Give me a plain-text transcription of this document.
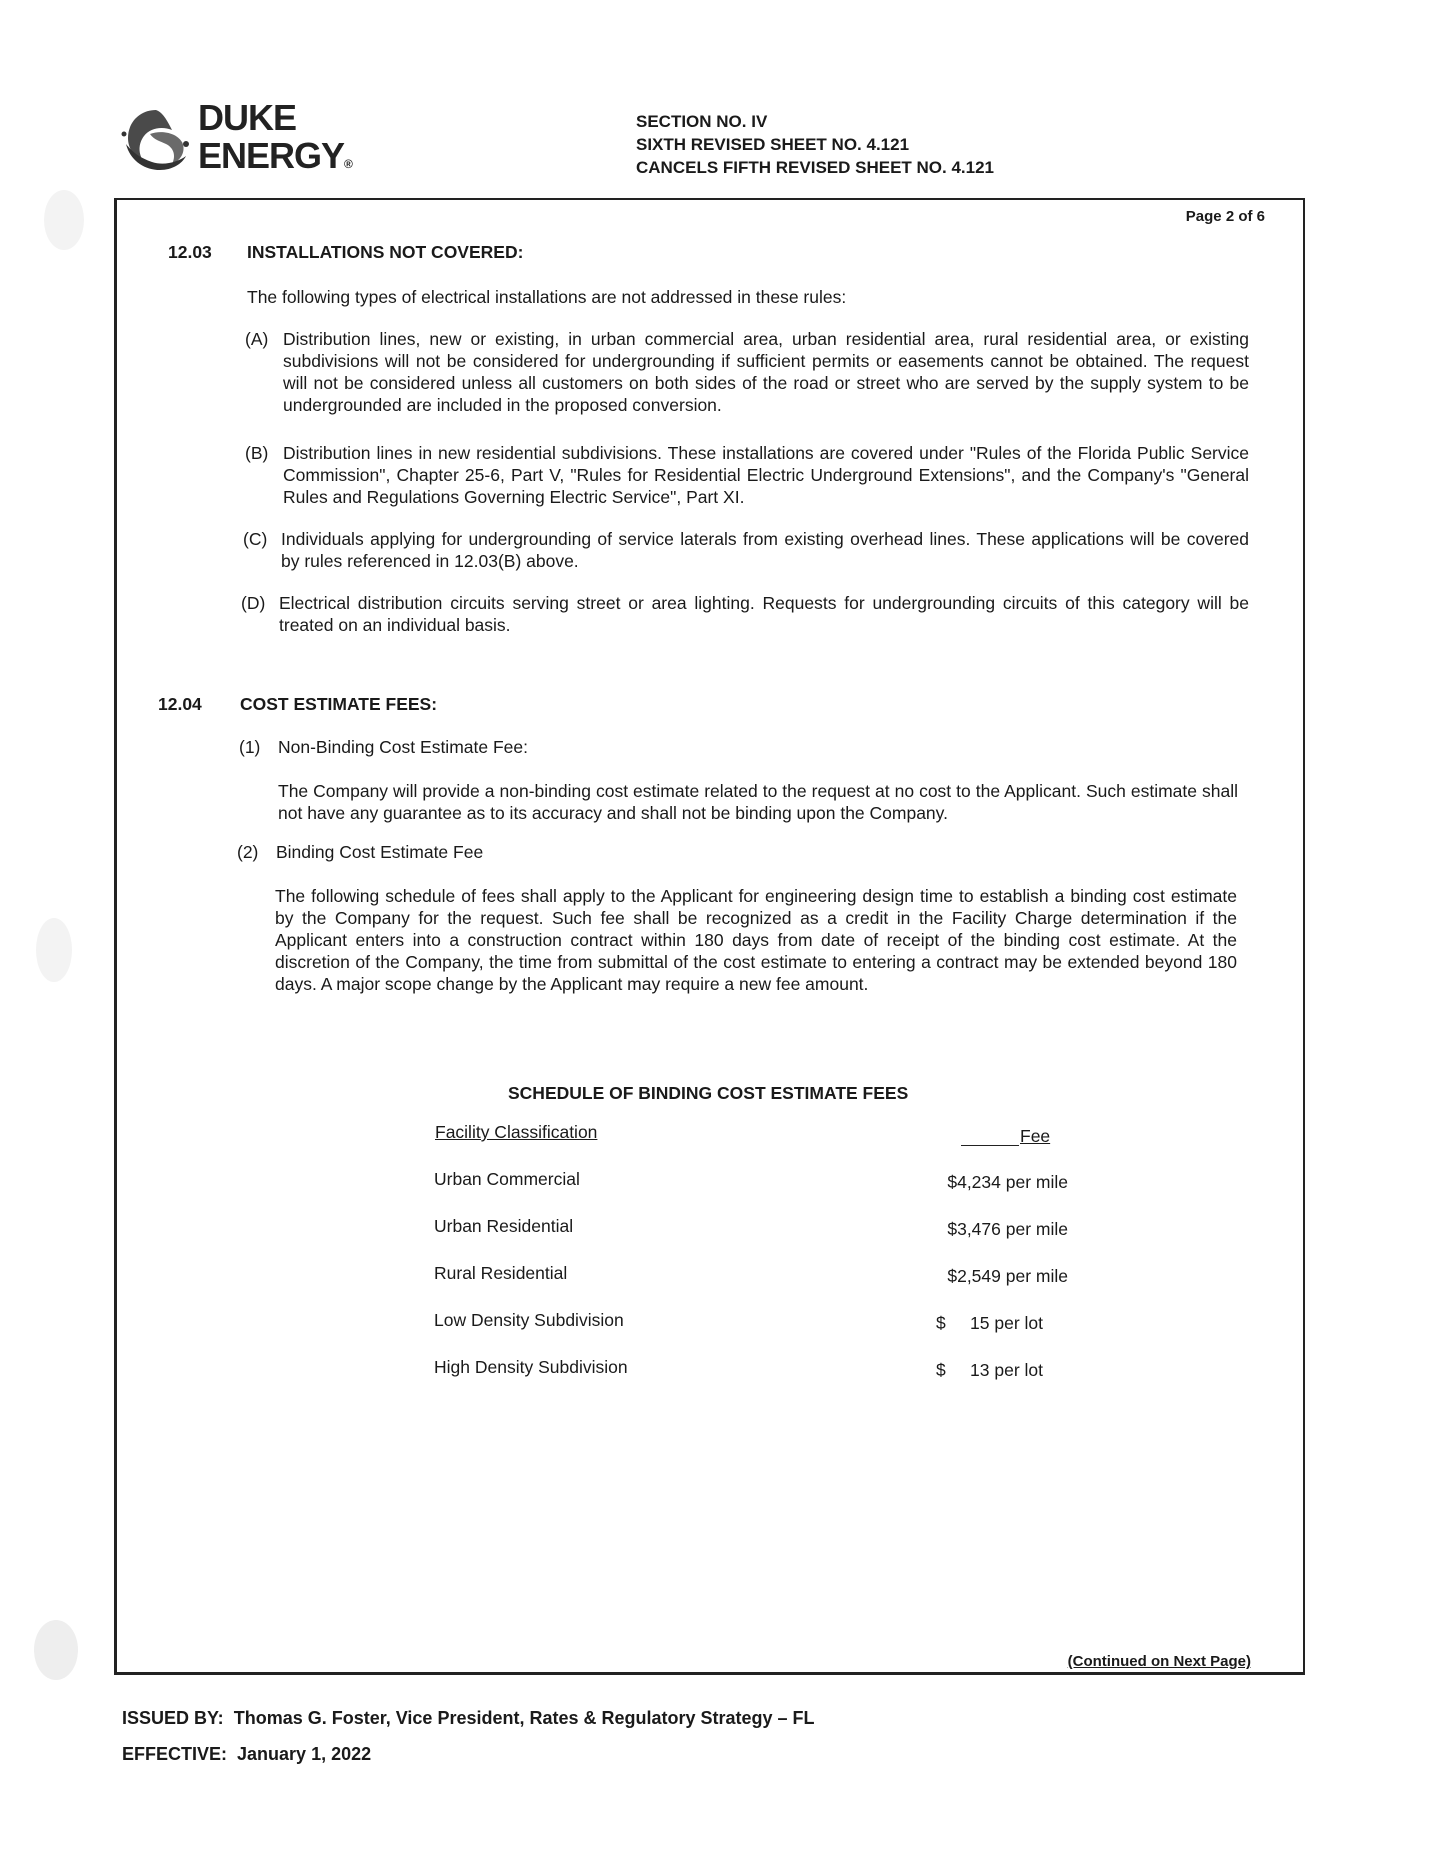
DUKE
ENERGY®
SECTION NO. IV
SIXTH REVISED SHEET NO. 4.121
CANCELS FIFTH REVISED SHEET NO. 4.121
Page 2 of 6
(Continued on Next Page)
12.03 INSTALLATIONS NOT COVERED:
The following types of electrical installations are not addressed in these rules:
(A) Distribution lines, new or existing, in urban commercial area, urban residential area, rural residential area, or existing subdivisions will not be considered for undergrounding if sufficient permits or easements cannot be obtained. The request will not be considered unless all customers on both sides of the road or street who are served by the supply system to be undergrounded are included in the proposed conversion.
(B) Distribution lines in new residential subdivisions. These installations are covered under "Rules of the Florida Public Service Commission", Chapter 25-6, Part V, "Rules for Residential Electric Underground Extensions", and the Company's "General Rules and Regulations Governing Electric Service", Part XI.
(C) Individuals applying for undergrounding of service laterals from existing overhead lines. These applications will be covered by rules referenced in 12.03(B) above.
(D) Electrical distribution circuits serving street or area lighting. Requests for undergrounding circuits of this category will be treated on an individual basis.
12.04 COST ESTIMATE FEES:
(1) Non-Binding Cost Estimate Fee:
The Company will provide a non-binding cost estimate related to the request at no cost to the Applicant. Such estimate shall not have any guarantee as to its accuracy and shall not be binding upon the Company.
(2) Binding Cost Estimate Fee
The following schedule of fees shall apply to the Applicant for engineering design time to establish a binding cost estimate by the Company for the request. Such fee shall be recognized as a credit in the Facility Charge determination if the Applicant enters into a construction contract within 180 days from date of receipt of the binding cost estimate. At the discretion of the Company, the time from submittal of the cost estimate to entering a contract may be extended beyond 180 days. A major scope change by the Applicant may require a new fee amount.
SCHEDULE OF BINDING COST ESTIMATE FEES
Facility Classification	Fee
Urban Commercial	$4,234 per mile
Urban Residential	$3,476 per mile
Rural Residential	$2,549 per mile
Low Density Subdivision	$     15 per lot
High Density Subdivision	$     13 per lot
ISSUED BY: Thomas G. Foster, Vice President, Rates & Regulatory Strategy – FL
EFFECTIVE: January 1, 2022
